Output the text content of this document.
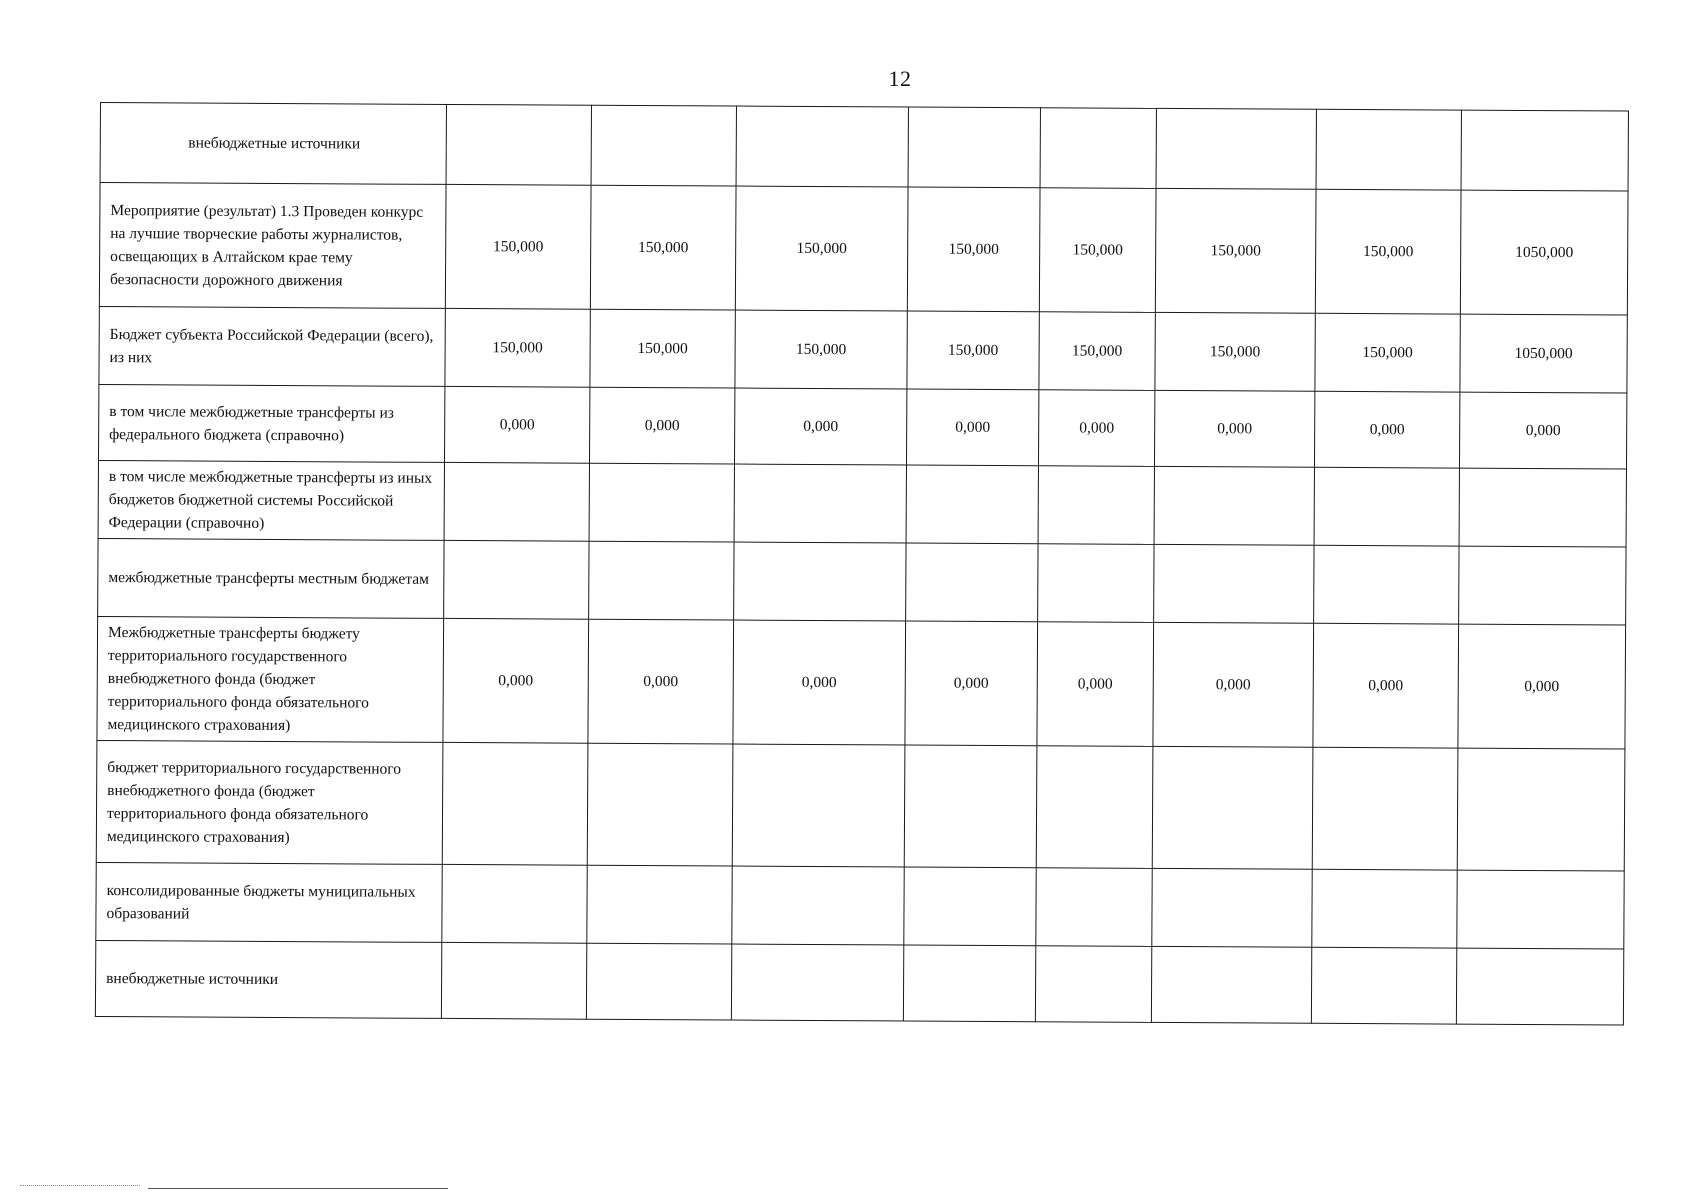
12
внебюджетные источники								
Мероприятие (результат) 1.3 Проведен конкурс на лучшие творческие работы журналистов, освещающих в Алтайском крае тему безопасности дорожного движения	150,000	150,000	150,000	150,000	150,000	150,000	150,000	1050,000
Бюджет субъекта Российской Федерации (всего), из них	150,000	150,000	150,000	150,000	150,000	150,000	150,000	1050,000
в том числе межбюджетные трансферты из федерального бюджета (справочно)	0,000	0,000	0,000	0,000	0,000	0,000	0,000	0,000
в том числе межбюджетные трансферты из иных бюджетов бюджетной системы Российской Федерации (справочно)								
межбюджетные трансферты местным бюджетам								
Межбюджетные трансферты бюджету территориального государственного внебюджетного фонда (бюджет территориального фонда обязательного медицинского страхования)	0,000	0,000	0,000	0,000	0,000	0,000	0,000	0,000
бюджет территориального государственного внебюджетного фонда (бюджет территориального фонда обязательного медицинского страхования)								
консолидированные бюджеты муниципальных образований								
внебюджетные источники								
